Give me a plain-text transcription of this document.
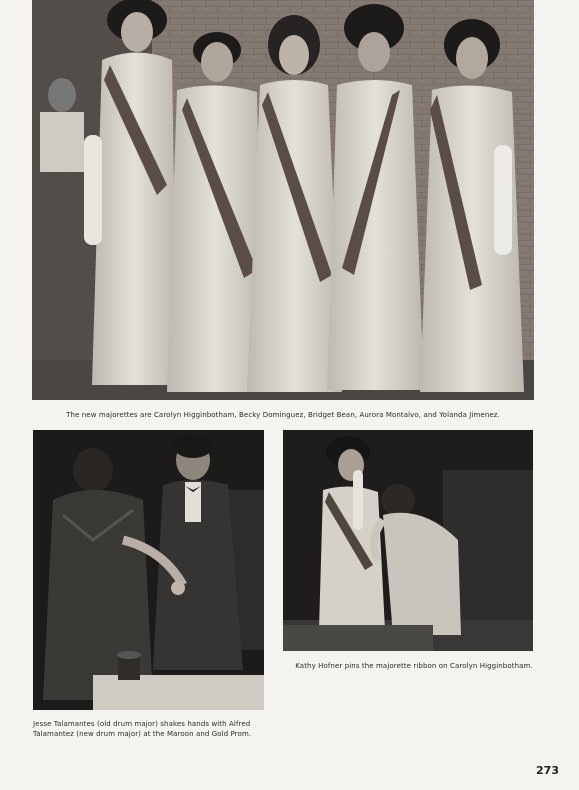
The new majorettes are Carolyn Higginbotham, Becky Dominguez, Bridget Bean, Aurora Montalvo, and Yolanda Jimenez.
Jesse Talamantes (old drum major) shakes hands with Alfred Talamantez (new drum major) at the Maroon and Gold Prom.
Kathy Hofner pins the majorette ribbon on Carolyn Higginbotham.
273
